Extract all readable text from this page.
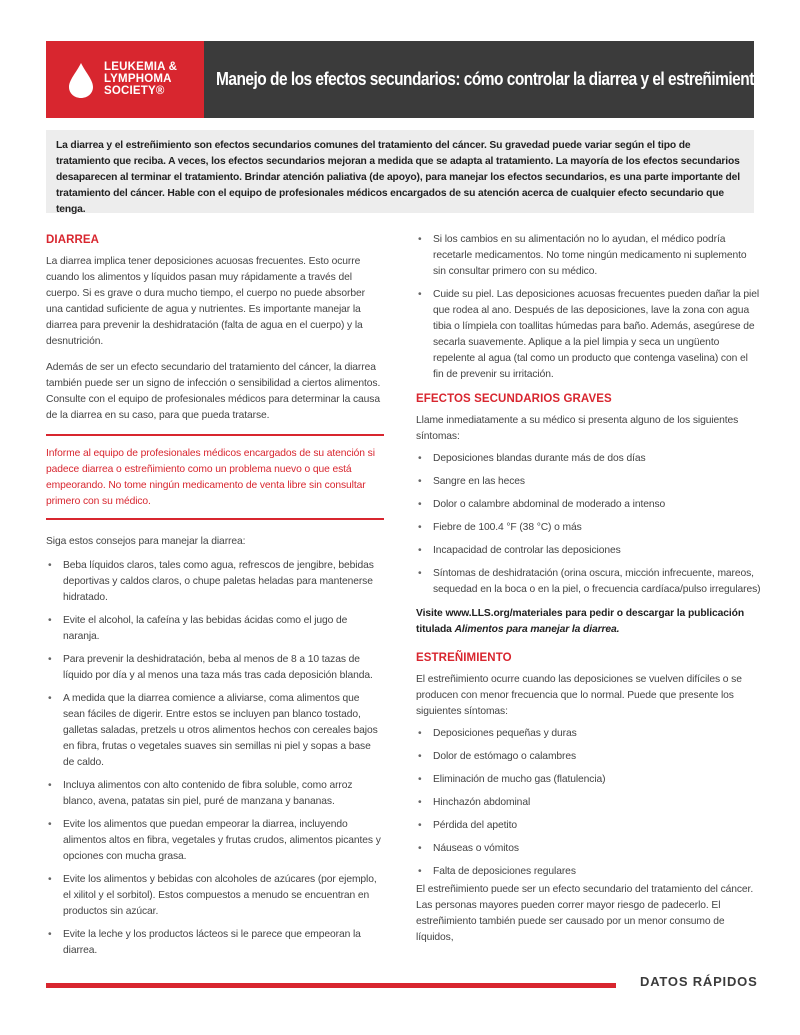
LEUKEMIA &
LYMPHOMA
SOCIETY®
Manejo de los efectos secundarios: cómo controlar la diarrea y el estreñimiento
La diarrea y el estreñimiento son efectos secundarios comunes del tratamiento del cáncer. Su gravedad puede variar según el tipo de tratamiento que reciba. A veces, los efectos secundarios mejoran a medida que se adapta al tratamiento. La mayoría de los efectos secundarios desaparecen al terminar el tratamiento. Brindar atención paliativa (de apoyo), para manejar los efectos secundarios, es una parte importante del tratamiento del cáncer. Hable con el equipo de profesionales médicos encargados de su atención acerca de cualquier efecto secundario que tenga.
DIARREA

La diarrea implica tener deposiciones acuosas frecuentes. Esto ocurre cuando los alimentos y líquidos pasan muy rápidamente a través del cuerpo. Si es grave o dura mucho tiempo, el cuerpo no puede absorber una cantidad suficiente de agua y nutrientes. Es importante manejar la diarrea para prevenir la deshidratación (falta de agua en el cuerpo) y la desnutrición.

Además de ser un efecto secundario del tratamiento del cáncer, la diarrea también puede ser un signo de infección o sensibilidad a ciertos alimentos. Consulte con el equipo de profesionales médicos para determinar la causa de la diarrea en su caso, para que pueda tratarse.

Informe al equipo de profesionales médicos encargados de su atención si padece diarrea o estreñimiento como un problema nuevo o que está empeorando. No tome ningún medicamento de venta libre sin consultar primero con su médico.

Siga estos consejos para manejar la diarrea:

• Beba líquidos claros, tales como agua, refrescos de jengibre, bebidas deportivas y caldos claros, o chupe paletas heladas para mantenerse hidratado.
• Evite el alcohol, la cafeína y las bebidas ácidas como el jugo de naranja.
• Para prevenir la deshidratación, beba al menos de 8 a 10 tazas de líquido por día y al menos una taza más tras cada deposición blanda.
• A medida que la diarrea comience a aliviarse, coma alimentos que sean fáciles de digerir. Entre estos se incluyen pan blanco tostado, galletas saladas, pretzels u otros alimentos hechos con cereales bajos en fibra, frutas o vegetales suaves sin semillas ni piel y sopas a base de caldo.
• Incluya alimentos con alto contenido de fibra soluble, como arroz blanco, avena, patatas sin piel, puré de manzana y bananas.
• Evite los alimentos que puedan empeorar la diarrea, incluyendo alimentos altos en fibra, vegetales y frutas crudos, alimentos picantes y opciones con mucha grasa.
• Evite los alimentos y bebidas con alcoholes de azúcares (por ejemplo, el xilitol y el sorbitol). Estos compuestos a menudo se encuentran en productos sin azúcar.
• Evite la leche y los productos lácteos si le parece que empeoran la diarrea.
• Si los cambios en su alimentación no lo ayudan, el médico podría recetarle medicamentos. No tome ningún medicamento ni suplemento sin consultar primero con su médico.
• Cuide su piel. Las deposiciones acuosas frecuentes pueden dañar la piel que rodea al ano. Después de las deposiciones, lave la zona con agua tibia o límpiela con toallitas húmedas para baño. Además, asegúrese de secarla suavemente. Aplique a la piel limpia y seca un ungüento repelente al agua (tal como un producto que contenga vaselina) con el fin de prevenir su irritación.
EFECTOS SECUNDARIOS GRAVES

Llame inmediatamente a su médico si presenta alguno de los siguientes síntomas:

• Deposiciones blandas durante más de dos días
• Sangre en las heces
• Dolor o calambre abdominal de moderado a intenso
• Fiebre de 100.4 °F (38 °C) o más
• Incapacidad de controlar las deposiciones
• Síntomas de deshidratación (orina oscura, micción infrecuente, mareos, sequedad en la boca o en la piel, o frecuencia cardíaca/pulso irregulares)

Visite www.LLS.org/materiales para pedir o descargar la publicación titulada Alimentos para manejar la diarrea.

ESTREÑIMIENTO

El estreñimiento ocurre cuando las deposiciones se vuelven difíciles o se producen con menor frecuencia que lo normal. Puede que presente los siguientes síntomas:

• Deposiciones pequeñas y duras
• Dolor de estómago o calambres
• Eliminación de mucho gas (flatulencia)
• Hinchazón abdominal
• Pérdida del apetito
• Náuseas o vómitos
• Falta de deposiciones regulares

El estreñimiento puede ser un efecto secundario del tratamiento del cáncer. Las personas mayores pueden correr mayor riesgo de padecerlo. El estreñimiento también puede ser causado por un menor consumo de líquidos,

DATOS RÁPIDOS
